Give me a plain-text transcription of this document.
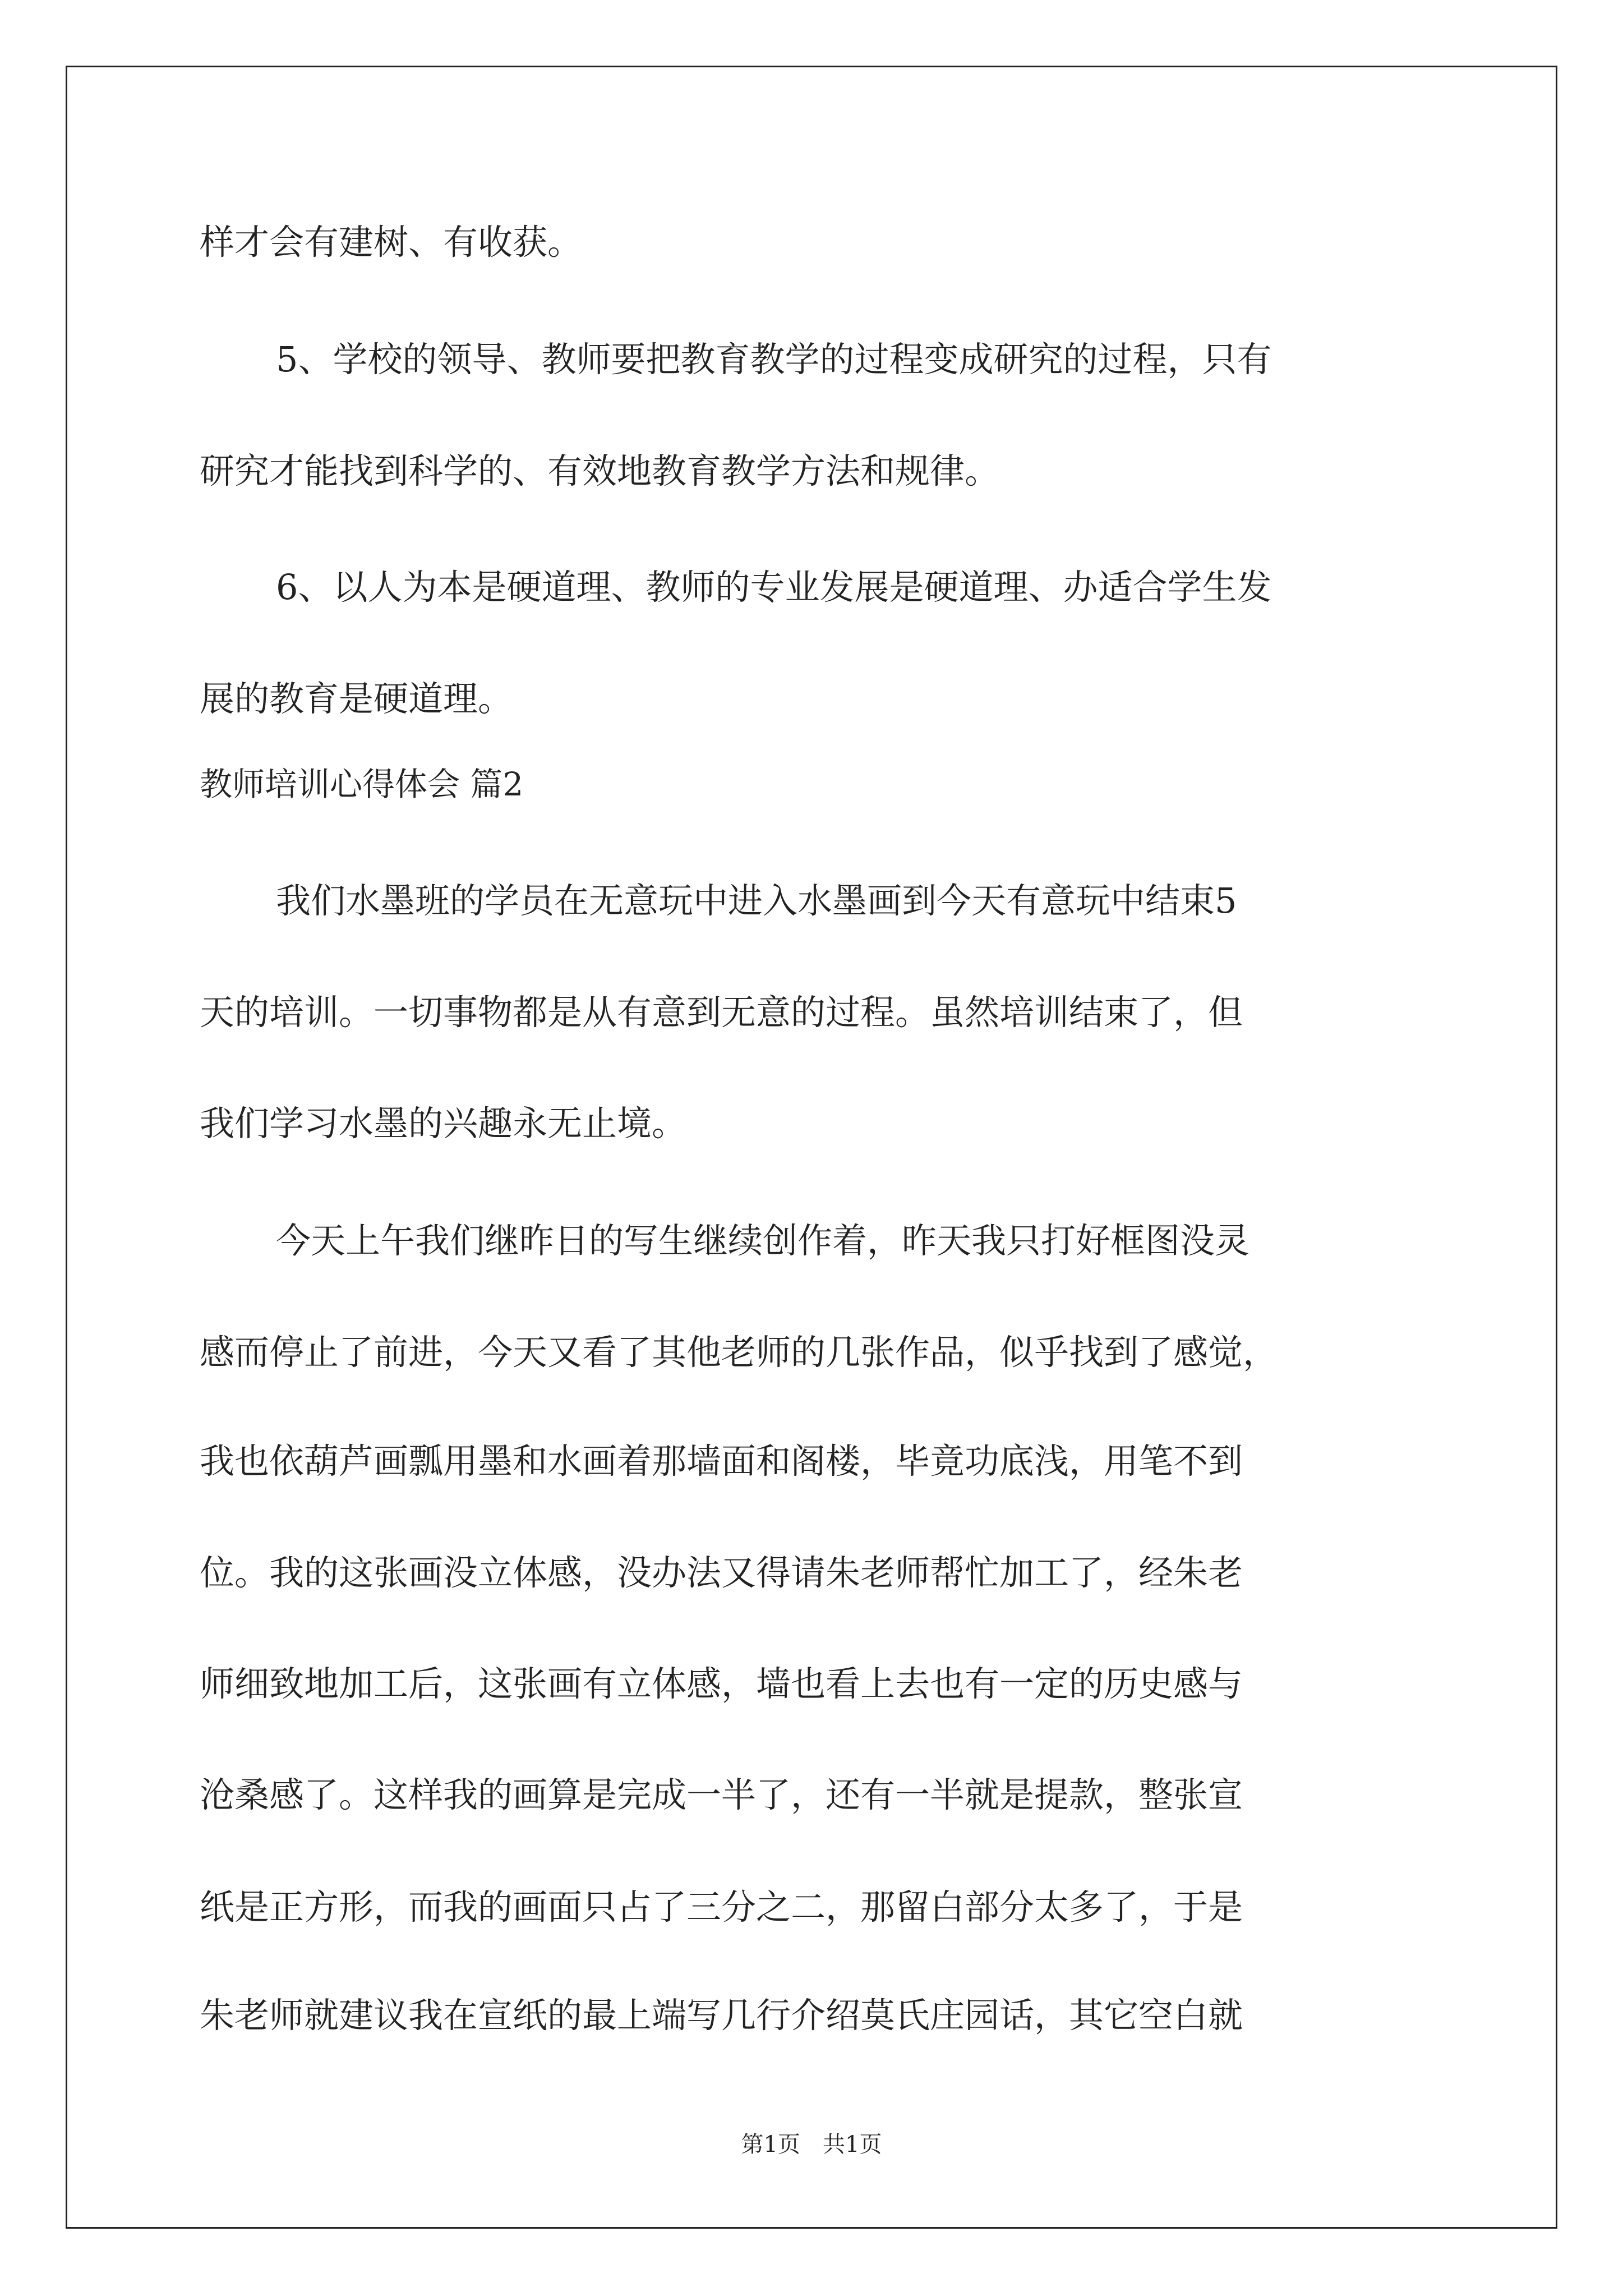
样才会有建树、有收获。
5、学校的领导、教师要把教育教学的过程变成研究的过程，只有
研究才能找到科学的、有效地教育教学方法和规律。
6、以人为本是硬道理、教师的专业发展是硬道理、办适合学生发
展的教育是硬道理。
教师培训心得体会 篇2
我们水墨班的学员在无意玩中进入水墨画到今天有意玩中结束5
天的培训。一切事物都是从有意到无意的过程。虽然培训结束了，但
我们学习水墨的兴趣永无止境。
今天上午我们继昨日的写生继续创作着，昨天我只打好框图没灵
感而停止了前进，今天又看了其他老师的几张作品，似乎找到了感觉，
我也依葫芦画瓢用墨和水画着那墙面和阁楼，毕竟功底浅，用笔不到
位。我的这张画没立体感，没办法又得请朱老师帮忙加工了，经朱老
师细致地加工后，这张画有立体感，墙也看上去也有一定的历史感与
沧桑感了。这样我的画算是完成一半了，还有一半就是提款，整张宣
纸是正方形，而我的画面只占了三分之二，那留白部分太多了，于是
朱老师就建议我在宣纸的最上端写几行介绍莫氏庄园话，其它空白就
第1页　共1页
